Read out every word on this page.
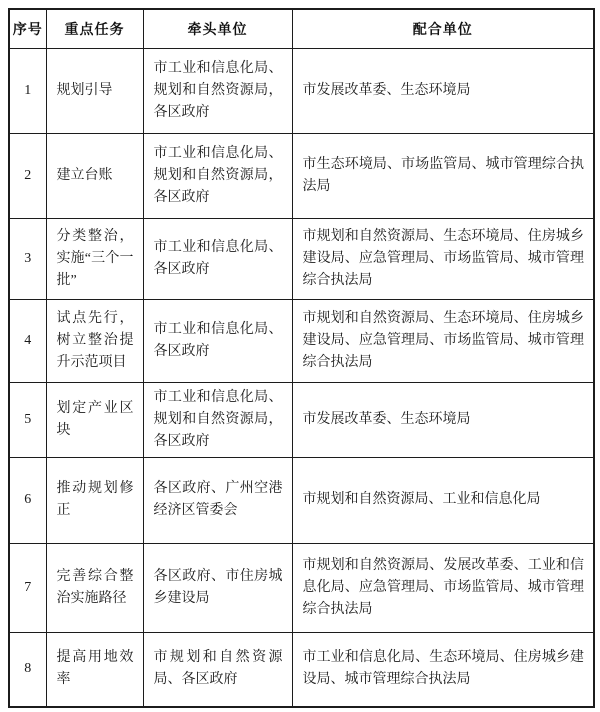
序号	重点任务	牵头单位	配合单位
1	规划引导	市工业和信息化局、规划和自然资源局，各区政府	市发展改革委、生态环境局
2	建立台账	市工业和信息化局、规划和自然资源局，各区政府	市生态环境局、市场监管局、城市管理综合执法局
3	分类整治，实施“三个一批”	市工业和信息化局、各区政府	市规划和自然资源局、生态环境局、住房城乡建设局、应急管理局、市场监管局、城市管理综合执法局
4	试点先行，树立整治提升示范项目	市工业和信息化局、各区政府	市规划和自然资源局、生态环境局、住房城乡建设局、应急管理局、市场监管局、城市管理综合执法局
5	划定产业区块	市工业和信息化局、规划和自然资源局，各区政府	市发展改革委、生态环境局
6	推动规划修正	各区政府、广州空港经济区管委会	市规划和自然资源局、工业和信息化局
7	完善综合整治实施路径	各区政府、市住房城乡建设局	市规划和自然资源局、发展改革委、工业和信息化局、应急管理局、市场监管局、城市管理综合执法局
8	提高用地效率	市规划和自然资源局、各区政府	市工业和信息化局、生态环境局、住房城乡建设局、城市管理综合执法局
